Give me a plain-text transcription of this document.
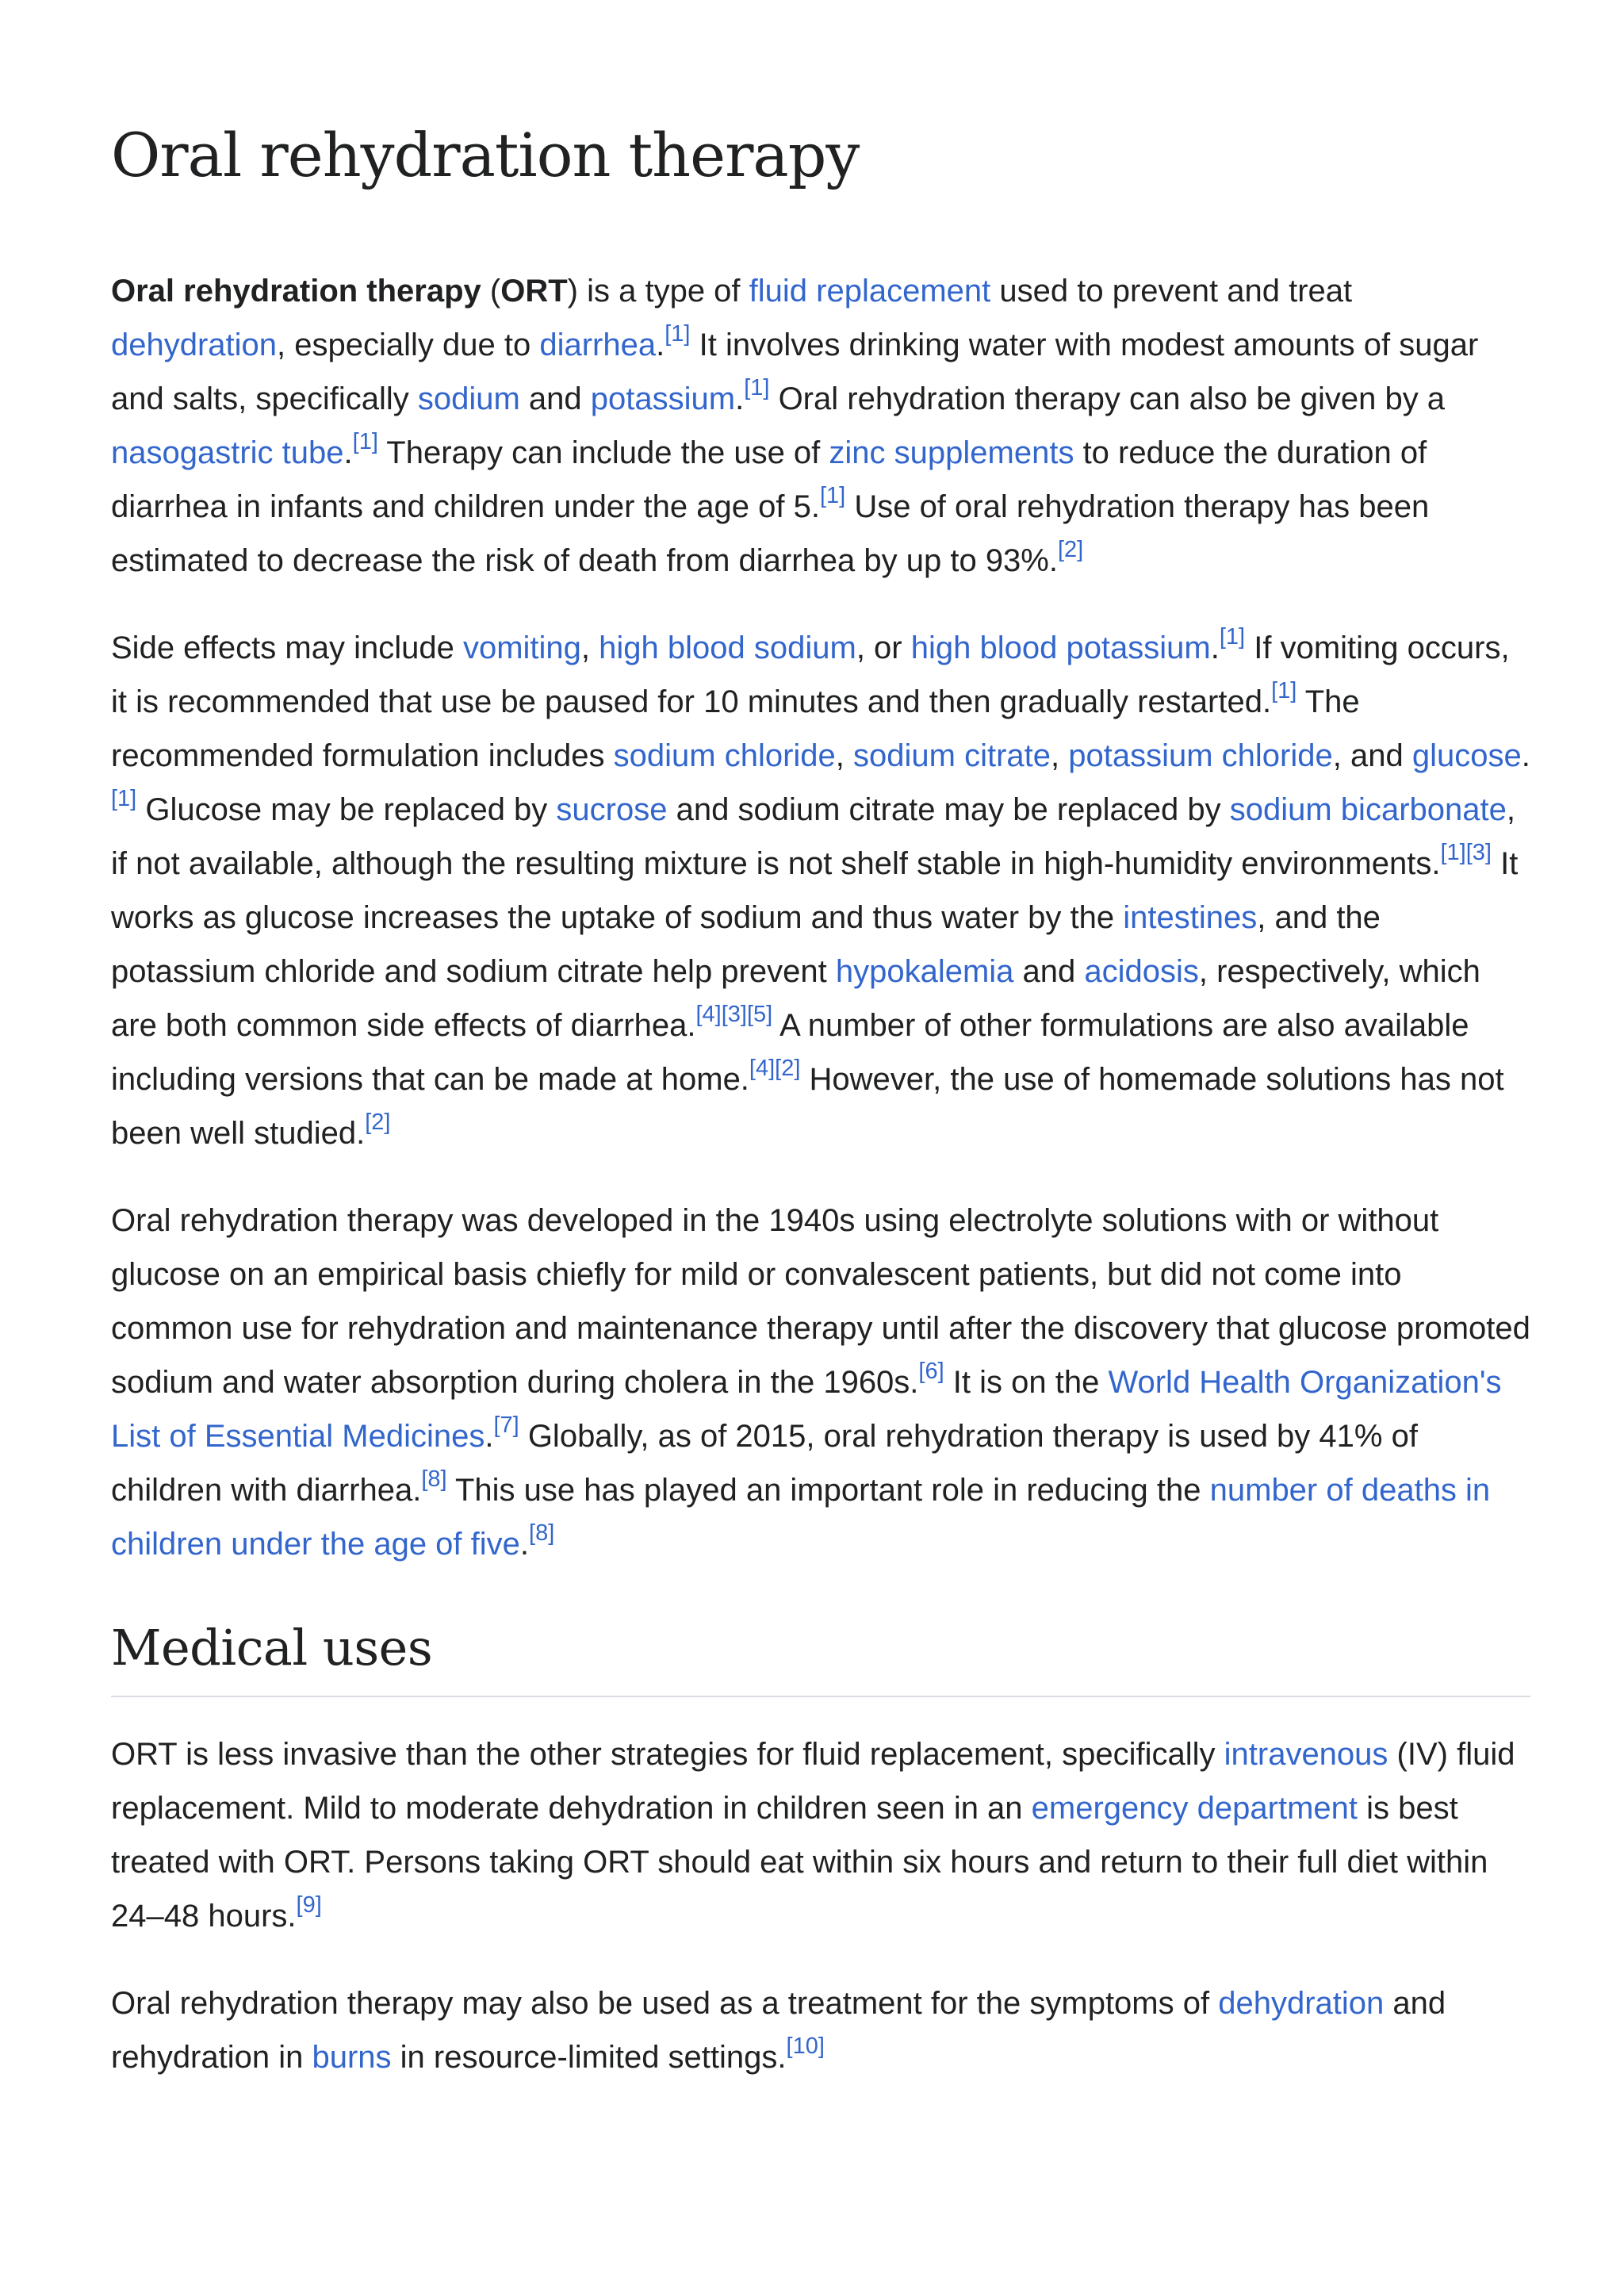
Oral rehydration therapy

Oral rehydration therapy (ORT) is a type of fluid replacement used to prevent and treat dehydration, especially due to diarrhea.[1] It involves drinking water with modest amounts of sugar and salts, specifically sodium and potassium.[1] Oral rehydration therapy can also be given by a nasogastric tube.[1] Therapy can include the use of zinc supplements to reduce the duration of diarrhea in infants and children under the age of 5.[1] Use of oral rehydration therapy has been estimated to decrease the risk of death from diarrhea by up to 93%.[2]

Side effects may include vomiting, high blood sodium, or high blood potassium.[1] If vomiting occurs, it is recommended that use be paused for 10 minutes and then gradually restarted.[1] The recommended formulation includes sodium chloride, sodium citrate, potassium chloride, and glucose.[1] Glucose may be replaced by sucrose and sodium citrate may be replaced by sodium bicarbonate, if not available, although the resulting mixture is not shelf stable in high-humidity environments.[1][3] It works as glucose increases the uptake of sodium and thus water by the intestines, and the potassium chloride and sodium citrate help prevent hypokalemia and acidosis, respectively, which are both common side effects of diarrhea.[4][3][5] A number of other formulations are also available including versions that can be made at home.[4][2] However, the use of homemade solutions has not been well studied.[2]

Oral rehydration therapy was developed in the 1940s using electrolyte solutions with or without glucose on an empirical basis chiefly for mild or convalescent patients, but did not come into common use for rehydration and maintenance therapy until after the discovery that glucose promoted sodium and water absorption during cholera in the 1960s.[6] It is on the World Health Organization's List of Essential Medicines.[7] Globally, as of 2015, oral rehydration therapy is used by 41% of children with diarrhea.[8] This use has played an important role in reducing the number of deaths in children under the age of five.[8]

Medical uses

ORT is less invasive than the other strategies for fluid replacement, specifically intravenous (IV) fluid replacement. Mild to moderate dehydration in children seen in an emergency department is best treated with ORT. Persons taking ORT should eat within six hours and return to their full diet within 24–48 hours.[9]

Oral rehydration therapy may also be used as a treatment for the symptoms of dehydration and rehydration in burns in resource-limited settings.[10]
